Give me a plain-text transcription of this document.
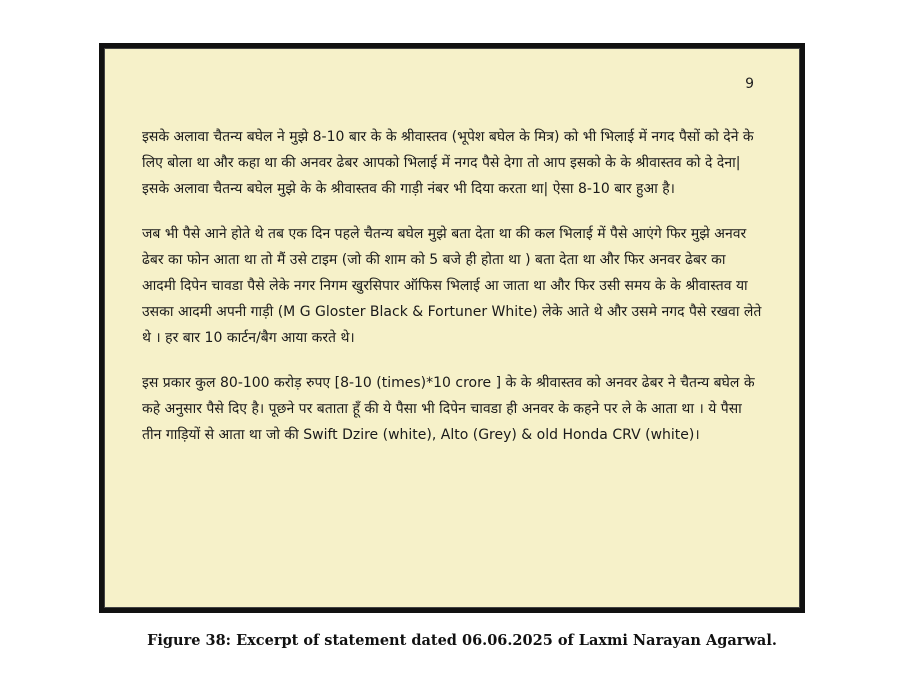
9

इसके अलावा चैतन्य बघेल ने मुझे 8-10 बार के के श्रीवास्तव (भूपेश बघेल के मित्र) को भी भिलाई में नगद पैसों को देने के लिए बोला था और कहा था की अनवर ढेबर आपको भिलाई में नगद पैसे देगा तो आप इसको के के श्रीवास्तव को दे देना| इसके अलावा चैतन्य बघेल मुझे के के श्रीवास्तव की गाड़ी नंबर भी दिया करता था| ऐसा 8-10 बार हुआ है।

जब भी पैसे आने होते थे तब एक दिन पहले चैतन्य बघेल मुझे बता देता था की कल भिलाई में पैसे आएंगे फिर मुझे अनवर ढेबर का फोन आता था तो मैं उसे टाइम (जो की शाम को 5 बजे ही होता था ) बता देता था और फिर अनवर ढेबर का आदमी दिपेन चावडा पैसे लेके नगर निगम खुरसिपार ऑफिस भिलाई आ जाता था और फिर उसी समय के के श्रीवास्तव या उसका आदमी अपनी गाड़ी (M G Gloster Black & Fortuner White) लेके आते थे और उसमे नगद पैसे रखवा लेते थे । हर बार 10 कार्टन/बैग आया करते थे।

इस प्रकार कुल 80-100 करोड़ रुपए [8-10 (times)*10 crore ] के के श्रीवास्तव को अनवर ढेबर ने चैतन्य बघेल के कहे अनुसार पैसे दिए है। पूछने पर बताता हूँ की ये पैसा भी दिपेन चावडा ही अनवर के कहने पर ले के आता था । ये पैसा तीन गाड़ियों से आता था जो की Swift Dzire (white), Alto (Grey) & old Honda CRV (white)।

Figure 38: Excerpt of statement dated 06.06.2025 of Laxmi Narayan Agarwal.
